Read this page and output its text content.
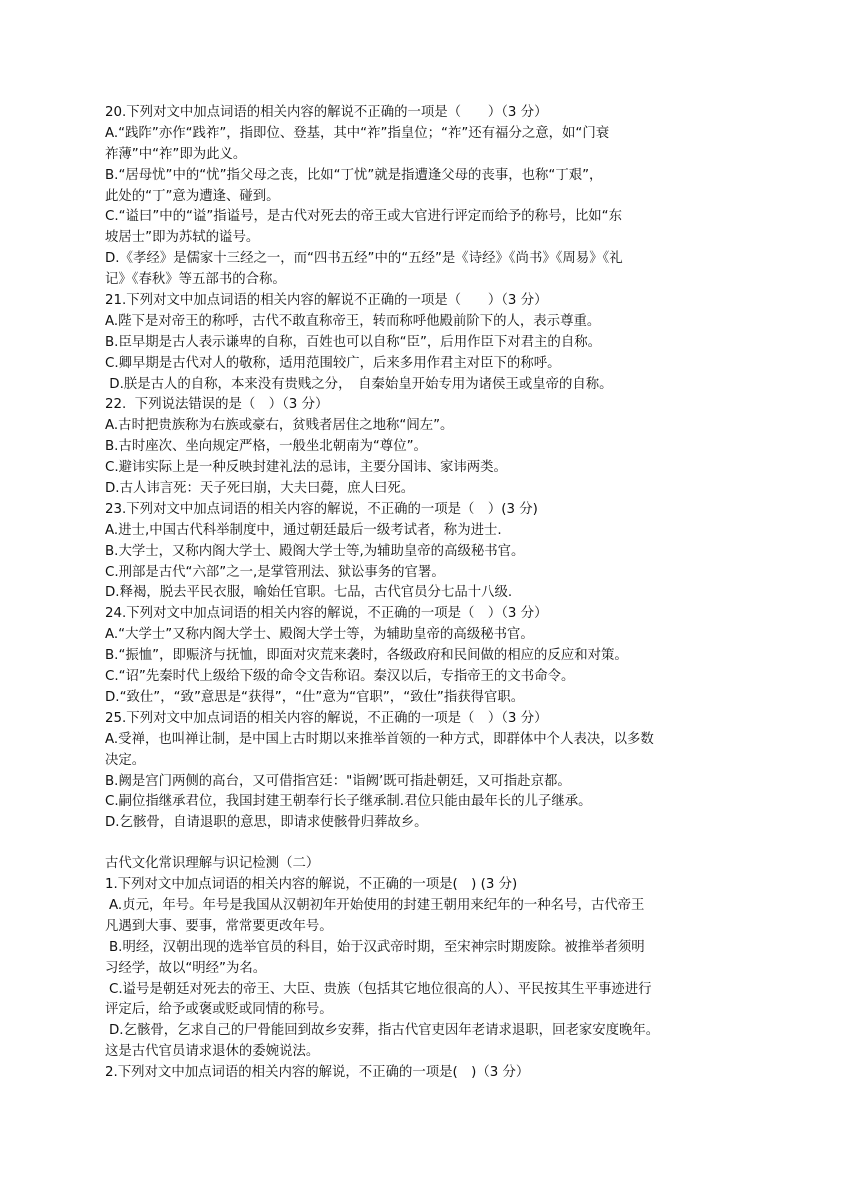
20.下列对文中加点词语的相关内容的解说不正确的一项是（　　）（3 分）
A.“践阼”亦作“践祚”，指即位、登基，其中“祚”指皇位；“祚”还有福分之意，如“门衰
祚薄”中“祚”即为此义。
B.“居母忧”中的“忧”指父母之丧，比如“丁忧”就是指遭逢父母的丧事，也称“丁艰”，
此处的“丁”意为遭逢、碰到。
C.“谥曰”中的“谥”指谥号，是古代对死去的帝王或大官进行评定而给予的称号，比如“东
坡居士”即为苏轼的谥号。
D.《孝经》是儒家十三经之一，而“四书五经”中的“五经”是《诗经》《尚书》《周易》《礼
记》《春秋》等五部书的合称。
21.下列对文中加点词语的相关内容的解说不正确的一项是（　　）（3 分）
A.陛下是对帝王的称呼，古代不敢直称帝王，转而称呼他殿前阶下的人，表示尊重。
B.臣早期是古人表示谦卑的自称，百姓也可以自称“臣”，后用作臣下对君主的自称。
C.卿早期是古代对人的敬称，适用范围较广，后来多用作君主对臣下的称呼。
D.朕是古人的自称，本来没有贵贱之分，　自秦始皇开始专用为诸侯王或皇帝的自称。
22.  下列说法错误的是（　）（3 分）
A.古时把贵族称为右族或豪右，贫贱者居住之地称“闾左”。
B.古时座次、坐向规定严格，一般坐北朝南为“尊位”。
C.避讳实际上是一种反映封建礼法的忌讳，主要分国讳、家讳两类。
D.古人讳言死：天子死曰崩，大夫曰薨，庶人曰死。
23.下列对文中加点词语的相关内容的解说，不正确的一项是（　）(3 分)
A.进士,中国古代科举制度中，通过朝廷最后一级考试者，称为进士.
B.大学士，又称内阁大学士、殿阁大学士等,为辅助皇帝的高级秘书官。
C.刑部是古代“六部”之一,是掌管刑法、狱讼事务的官署。
D.释褐，脱去平民衣服，喻始任官职。七品，古代官员分七品十八级.
24.下列对文中加点词语的相关内容的解说，不正确的一项是（　）（3 分）
A.“大学士”又称内阁大学士、殿阁大学士等，为辅助皇帝的高级秘书官。
B.“振恤”，即赈济与抚恤，即面对灾荒来袭时，各级政府和民间做的相应的反应和对策。
C.“诏”先秦时代上级给下级的命令文告称诏。秦汉以后，专指帝王的文书命令。
D.“致仕”，“致”意思是“获得”，“仕”意为“官职”，“致仕”指获得官职。
25.下列对文中加点词语的相关内容的解说，不正确的一项是（　）（3 分）
A.受禅，也叫禅让制，是中国上古时期以来推举首领的一种方式，即群体中个人表决，以多数
决定。
B.阙是宫门两侧的高台，又可借指宫廷："诣阙’既可指赴朝廷，又可指赴京都。
C.嗣位指继承君位，我国封建王朝奉行长子继承制.君位只能由最年长的儿子继承。
D.乞骸骨，自请退职的意思，即请求使骸骨归葬故乡。
古代文化常识理解与识记检测（二）
1.下列对文中加点词语的相关内容的解说，不正确的一项是(　) (3 分)
A.贞元，年号。年号是我国从汉朝初年开始使用的封建王朝用来纪年的一种名号，古代帝王
凡遇到大事、要事，常常要更改年号。
B.明经，汉朝出现的选举官员的科目，始于汉武帝时期，至宋神宗时期废除。被推举者须明
习经学，故以“明经”为名。
C.谥号是朝廷对死去的帝王、大臣、贵族（包括其它地位很高的人）、平民按其生平事迹进行
评定后，给予或褒或贬或同情的称号。
D.乞骸骨，乞求自己的尸骨能回到故乡安葬，指古代官吏因年老请求退职，回老家安度晚年。
这是古代官员请求退休的委婉说法。
2.下列对文中加点词语的相关内容的解说，不正确的一项是(　)（3 分）
